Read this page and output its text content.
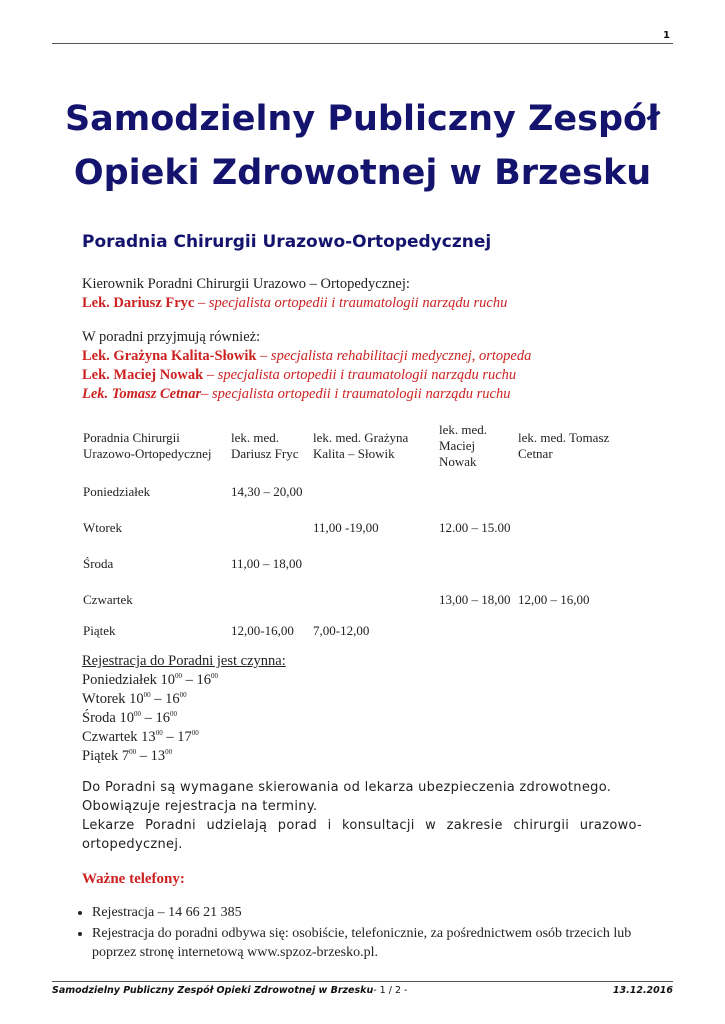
1
Samodzielny Publiczny Zespół
Opieki Zdrowotnej w Brzesku
Poradnia Chirurgii Urazowo-Ortopedycznej
Kierownik Poradni Chirurgii Urazowo – Ortopedycznej:
Lek. Dariusz Fryc – specjalista ortopedii i traumatologii narządu ruchu
W poradni przyjmują również:
Lek. Grażyna Kalita-Słowik – specjalista rehabilitacji medycznej, ortopeda
Lek. Maciej Nowak – specjalista ortopedii i traumatologii narządu ruchu
Lek. Tomasz Cetnar– specjalista ortopedii i traumatologii narządu ruchu
Poradnia Chirurgii Urazowo-Ortopedycznej	lek. med. Dariusz Fryc	lek. med. Grażyna Kalita – Słowik	lek. med. Maciej Nowak	lek. med. Tomasz Cetnar
Poniedziałek	14,30 – 20,00			
Wtorek		11,00 -19,00	12.00 – 15.00	
Środa	11,00 – 18,00			
Czwartek			13,00 – 18,00	12,00 – 16,00
Piątek	12,00-16,00	7,00-12,00		
Rejestracja do Poradni jest czynna:
Poniedziałek $10^{00} - 16^{00}$
Wtorek $10^{00} - 16^{00}$
Środa $10^{00} - 16^{00}$
Czwartek $13^{00} - 17^{00}$
Piątek $7^{00} - 13^{00}$
Do Poradni są wymagane skierowania od lekarza ubezpieczenia zdrowotnego.
Obowiązuje rejestracja na terminy.
Lekarze Poradni udzielają porad i konsultacji w zakresie chirurgii urazowo-ortopedycznej.
Ważne telefony:
• Rejestracja – 14 66 21 385
• Rejestracja do poradni odbywa się: osobiście, telefonicznie, za pośrednictwem osób trzecich lub poprzez stronę internetową www.spzoz-brzesko.pl.
Samodzielny Publiczny Zespół Opieki Zdrowotnej w Brzesku- 1 / 2 -	13.12.2016
